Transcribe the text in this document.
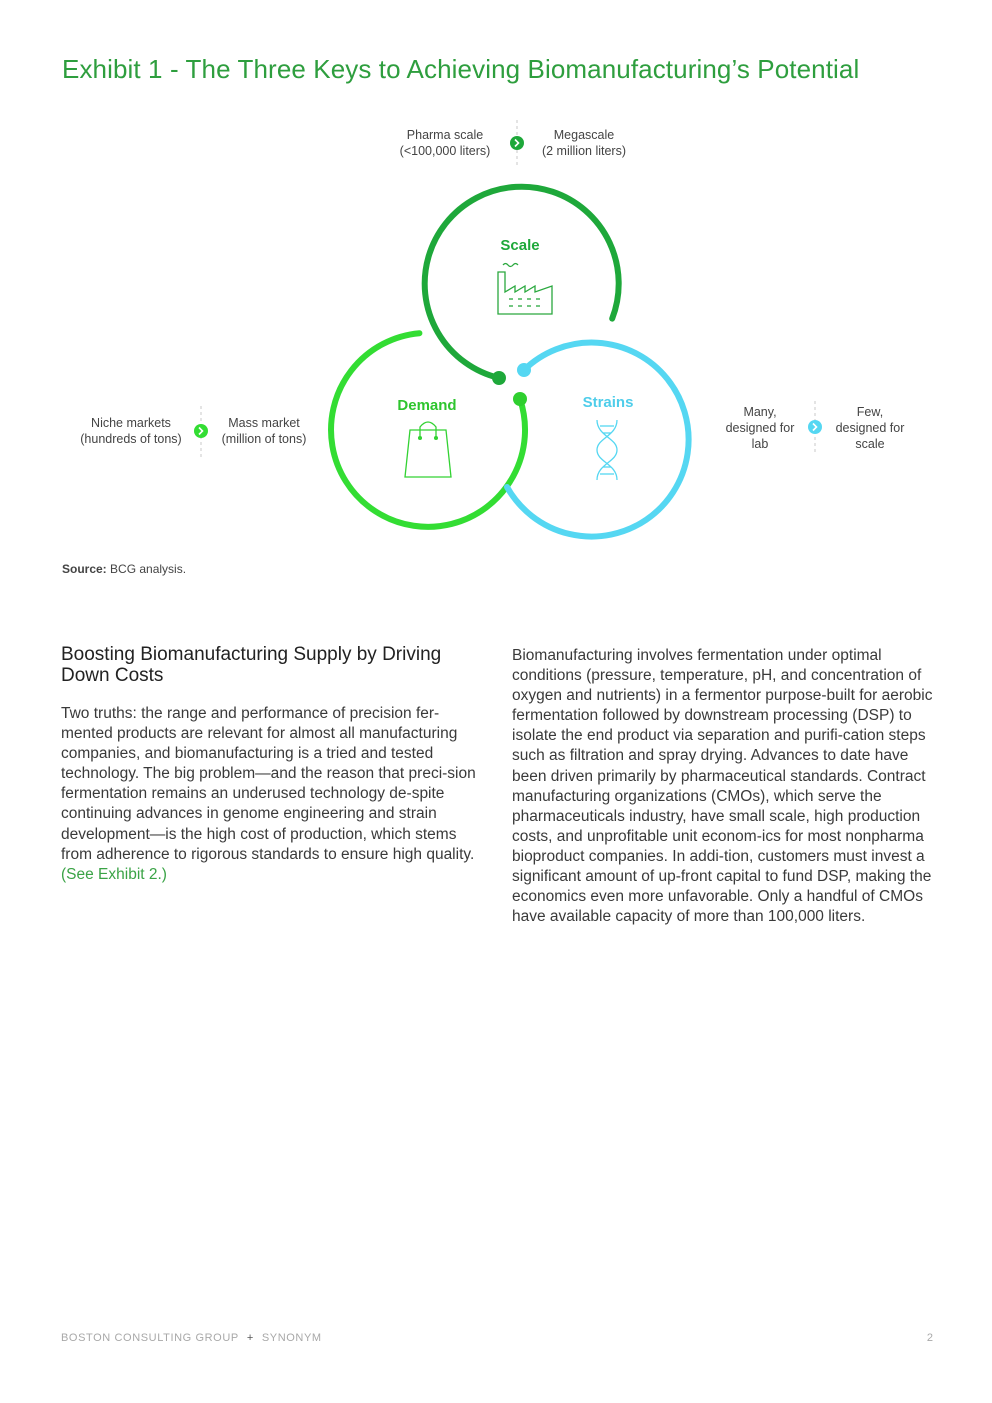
Exhibit 1 - The Three Keys to Achieving Biomanufacturing’s Potential
Scale
Demand	Strains
Pharma scale
(<100,000 liters)
Megascale
(2 million liters)
Niche markets
(hundreds of tons)
Mass market
(million of tons)
Many,
designed for
lab
Few,
designed for
scale
Source: BCG analysis.
Boosting Biomanufacturing Supply by Driving Down Costs

Two truths: the range and performance of precision fer-mented products are relevant for almost all manufacturing companies, and biomanufacturing is a tried and tested technology. The big problem—and the reason that preci-sion fermentation remains an underused technology de-spite continuing advances in genome engineering and strain development—is the high cost of production, which stems from adherence to rigorous standards to ensure high quality. (See Exhibit 2.)

Biomanufacturing involves fermentation under optimal conditions (pressure, temperature, pH, and concentration of oxygen and nutrients) in a fermentor purpose-built for aerobic fermentation followed by downstream processing (DSP) to isolate the end product via separation and purifi-cation steps such as filtration and spray drying. Advances to date have been driven primarily by pharmaceutical standards. Contract manufacturing organizations (CMOs), which serve the pharmaceuticals industry, have small scale, high production costs, and unprofitable unit econom-ics for most nonpharma bioproduct companies. In addi-tion, customers must invest a significant amount of up-front capital to fund DSP, making the economics even more unfavorable. Only a handful of CMOs have available capacity of more than 100,000 liters.

BOSTON CONSULTING GROUP + SYNONYM	2
